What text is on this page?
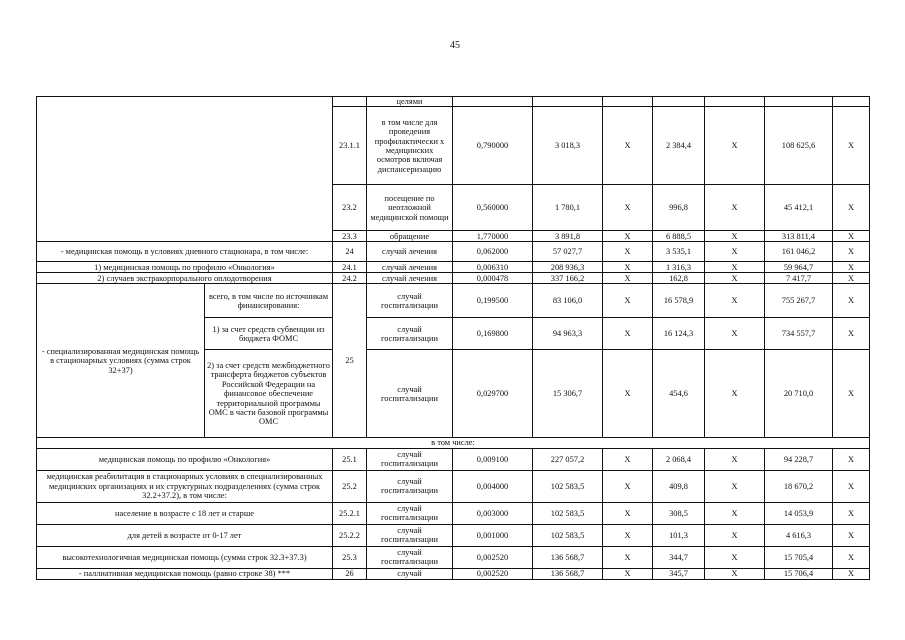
45
			целями							
		23.1.1	в том числе для проведения профилактически х медицинских осмотров включая диспансеризацию	0,790000	3 018,3	X	2 384,4	X	108 625,6	X
		23.2	посещение по неотложной медицинской помощи	0,560000	1 780,1	X	996,8	X	45 412,1	X
		23.3	обращение	1,770000	3 891,8	X	6 888,5	X	313 811,4	X
- медицинская помощь в условиях дневного стационара, в том числе:		24	случай лечения	0,062000	57 027,7	X	3 535,1	X	161 046,2	X
1) медицинская помощь по профилю «Онкология»		24.1	случай лечения	0,006310	208 936,3	X	1 316,3	X	59 964,7	X
2) случаев экстракорпорального оплодотворения		24.2	случай лечения	0,000478	337 166,2	X	162,8	X	7 417,7	X
- специализированная медицинская помощь в стационарных условиях (сумма строк 32+37)	всего, в том числе по источникам финансирования:	25	случай госпитализации	0,199500	83 106,0	X	16 578,9	X	755 267,7	X
	1) за счет средств субвенции из бюджета ФОМС		случай госпитализации	0,169800	94 963,3	X	16 124,3	X	734 557,7	X
	2) за счет средств межбюджетного трансферта бюджетов субъектов Российской Федерации на финансовое обеспечение территориальной программы ОМС в части базовой программы ОМС		случай госпитализации	0,029700	15 306,7	X	454,6	X	20 710,0	X
в том числе:										
медицинская помощь по профилю «Онкология»		25.1	случай госпитализации	0,009100	227 057,2	X	2 068,4	X	94 228,7	X
медицинская реабилитация в стационарных условиях в специализированных медицинских организациях и их структурных подразделениях (сумма строк 32.2+37.2), в том числе:		25.2	случай госпитализации	0,004000	102 583,5	X	409,8	X	18 670,2	X
население в возрасте с 18 лет и старше		25.2.1	случай госпитализации	0,003000	102 583,5	X	308,5	X	14 053,9	X
для детей в возрасте от 0-17 лет		25.2.2	случай госпитализации	0,001000	102 583,5	X	101,3	X	4 616,3	X
высокотехнологичная медицинская помощь (сумма строк 32.3+37.3)		25.3	случай госпитализации	0,002520	136 568,7	X	344,7	X	15 705,4	X
- паллиативная медицинская помощь (равно строке 38) ***		26	случай	0,002520	136 568,7	X	345,7	X	15 706,4	X
